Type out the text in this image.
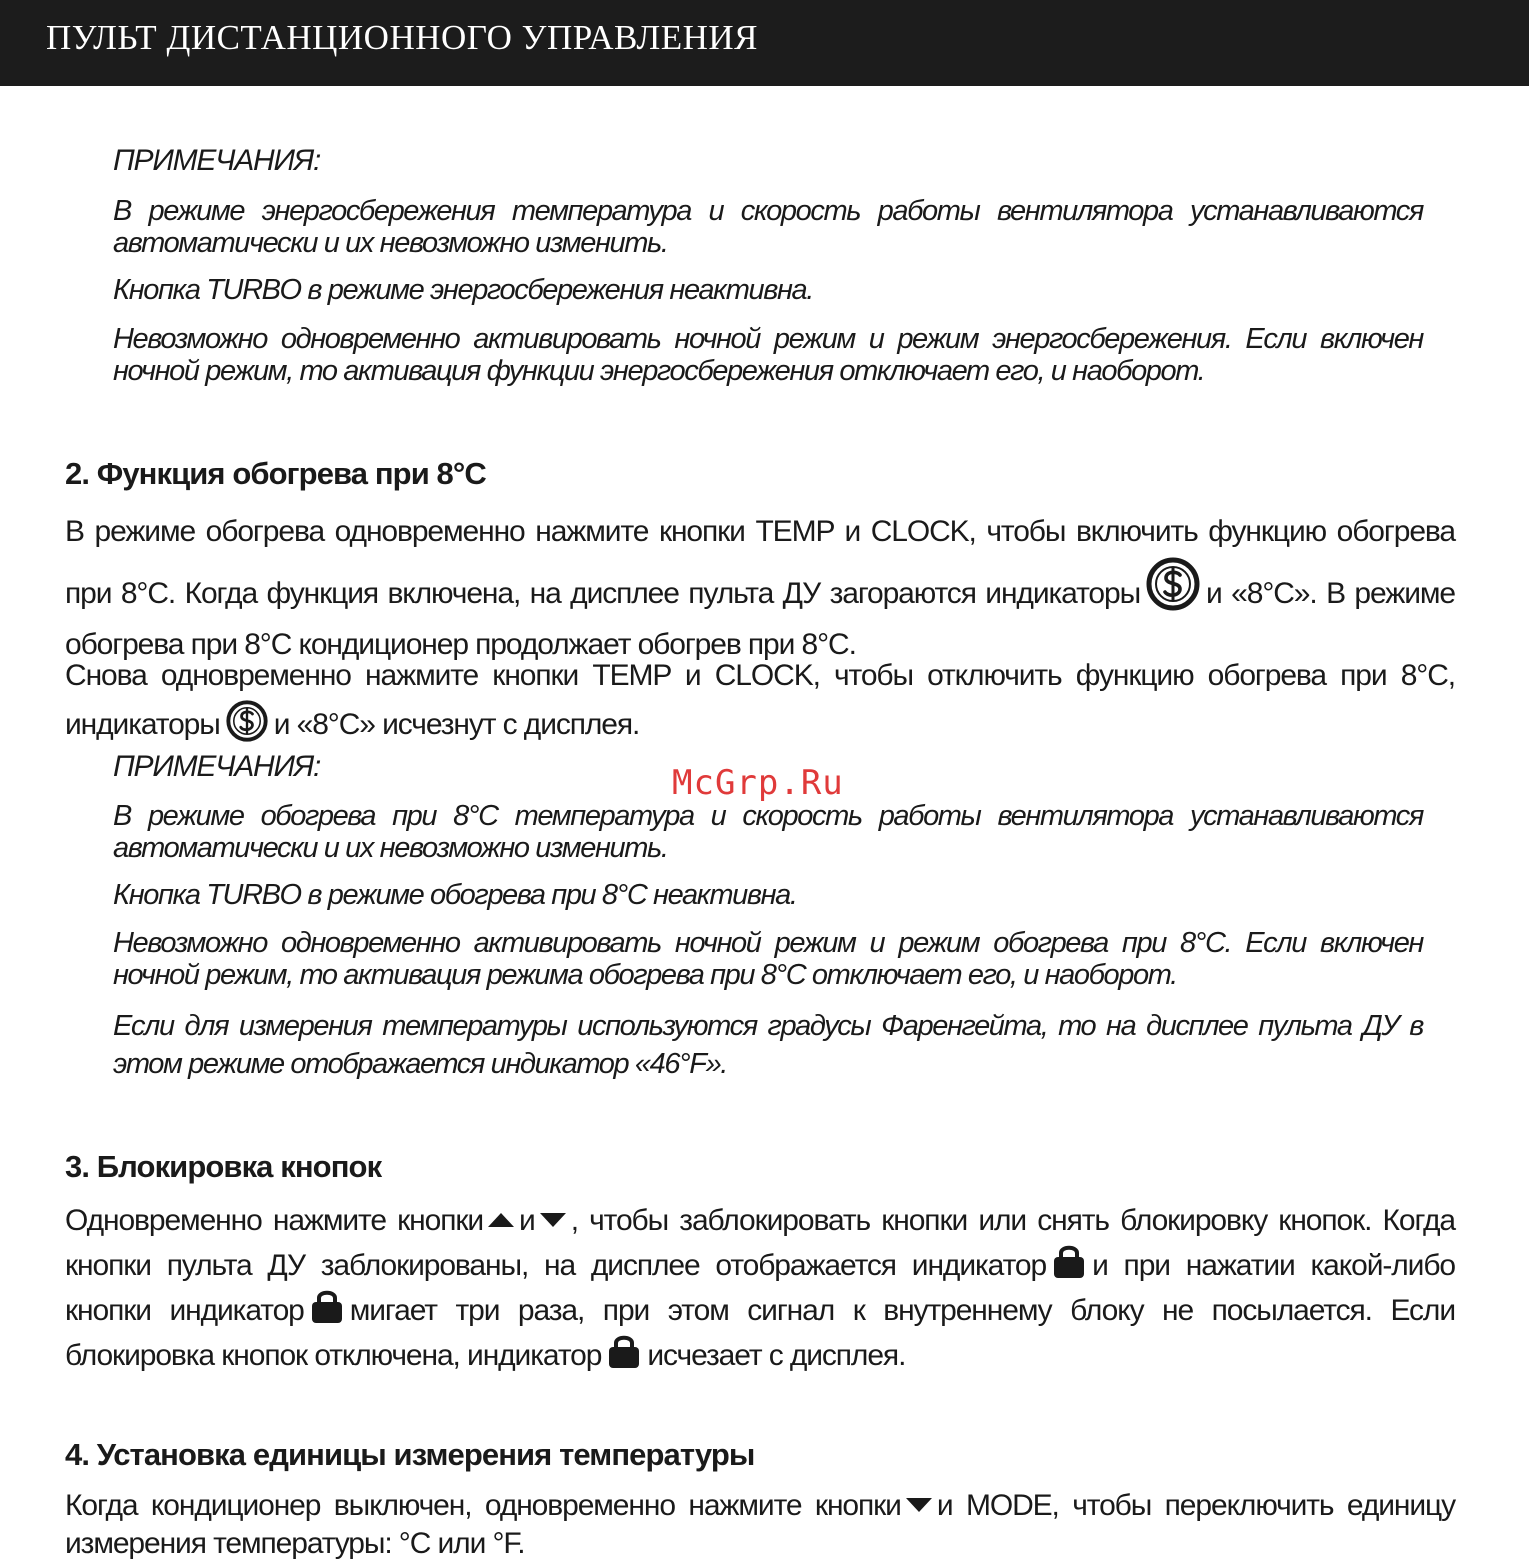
ПУЛЬТ ДИСТАНЦИОННОГО УПРАВЛЕНИЯ
ПРИМЕЧАНИЯ:

В режиме энергосбережения температура и скорость работы вентилятора устанавливаются автоматически и их невозможно изменить.

Кнопка TURBO в режиме энергосбережения неактивна.

Невозможно одновременно активировать ночной режим и режим энергосбережения. Если включен ночной режим, то активация функции энергосбережения отключает его, и наоборот.

2. Функция обогрева при 8°C

В режиме обогрева одновременно нажмите кнопки TEMP и CLOCK, чтобы включить функцию обогрева при 8°C. Когда функция включена, на дисплее пульта ДУ загораются индикаторы и «8°C». В режиме обогрева при 8°C кондиционер продолжает обогрев при 8°C.

Снова одновременно нажмите кнопки TEMP и CLOCK, чтобы отключить функцию обогрева при 8°C, индикаторы и «8°C» исчезнут с дисплея.

ПРИМЕЧАНИЯ:

В режиме обогрева при 8°C температура и скорость работы вентилятора устанавливаются автоматически и их невозможно изменить.

Кнопка TURBO в режиме обогрева при 8°C неактивна.

Невозможно одновременно активировать ночной режим и режим обогрева при 8°C. Если включен ночной режим, то активация режима обогрева при 8°C отключает его, и наоборот.

Если для измерения температуры используются градусы Фаренгейта, то на дисплее пульта ДУ в этом режиме отображается индикатор «46°F».

3. Блокировка кнопок

Одновременно нажмите кнопки и , чтобы заблокировать кнопки или снять блокировку кнопок. Когда кнопки пульта ДУ заблокированы, на дисплее отображается индикатор и при нажатии какой-либо кнопки индикатор мигает три раза, при этом сигнал к внутреннему блоку не посылается. Если блокировка кнопок отключена, индикатор исчезает с дисплея.

4. Установка единицы измерения температуры

Когда кондиционер выключен, одновременно нажмите кнопки и MODE, чтобы переключить единицу измерения температуры: °C или °F.

McGrp.Ru
